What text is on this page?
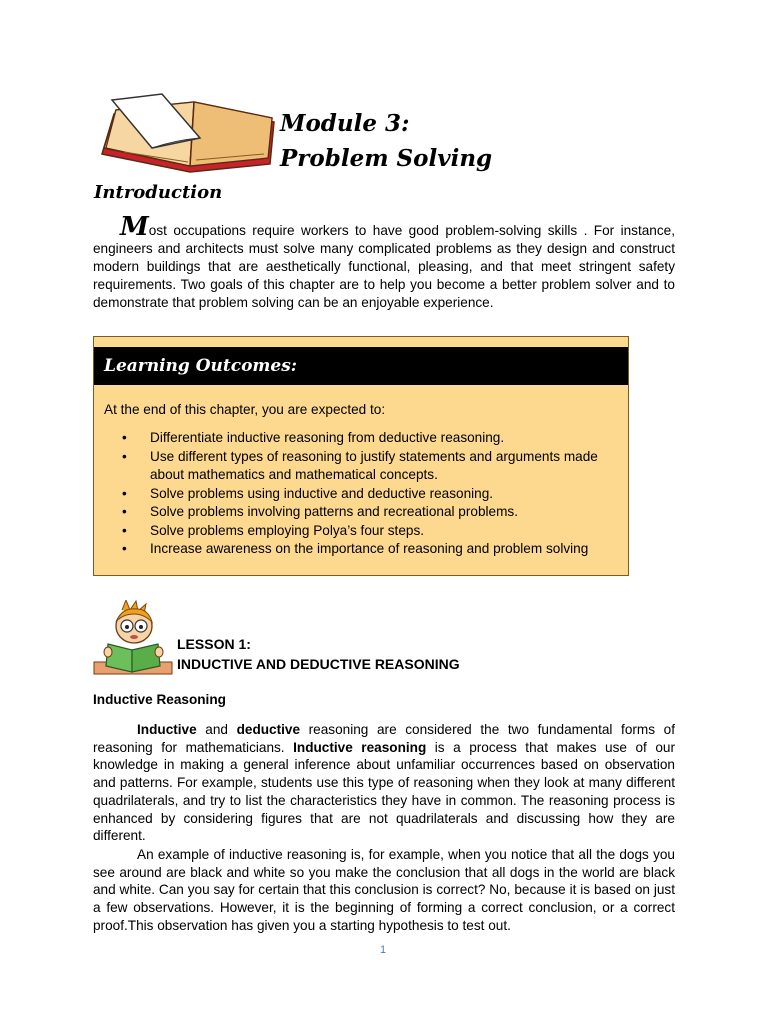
Module 3:
Problem Solving
Introduction
Most occupations require workers to have good problem-solving skills . For instance, engineers and architects must solve many complicated problems as they design and construct modern buildings that are aesthetically functional, pleasing, and that meet stringent safety requirements. Two goals of this chapter are to help you become a better problem solver and to demonstrate that problem solving can be an enjoyable experience.
Learning Outcomes:
At the end of this chapter, you are expected to:
• Differentiate inductive reasoning from deductive reasoning.
• Use different types of reasoning to justify statements and arguments made about mathematics and mathematical concepts.
• Solve problems using inductive and deductive reasoning.
• Solve problems involving patterns and recreational problems.
• Solve problems employing Polya’s four steps.
• Increase awareness on the importance of reasoning and problem solving
LESSON 1:
INDUCTIVE AND DEDUCTIVE REASONING
Inductive Reasoning
Inductive and deductive reasoning are considered the two fundamental forms of reasoning for mathematicians. Inductive reasoning is a process that makes use of our knowledge in making a general inference about unfamiliar occurrences based on observation and patterns. For example, students use this type of reasoning when they look at many different quadrilaterals, and try to list the characteristics they have in common. The reasoning process is enhanced by considering figures that are not quadrilaterals and discussing how they are different.
An example of inductive reasoning is, for example, when you notice that all the dogs you see around are black and white so you make the conclusion that all dogs in the world are black and white. Can you say for certain that this conclusion is correct? No, because it is based on just a few observations. However, it is the beginning of forming a correct conclusion, or a correct proof.This observation has given you a starting hypothesis to test out.
1
